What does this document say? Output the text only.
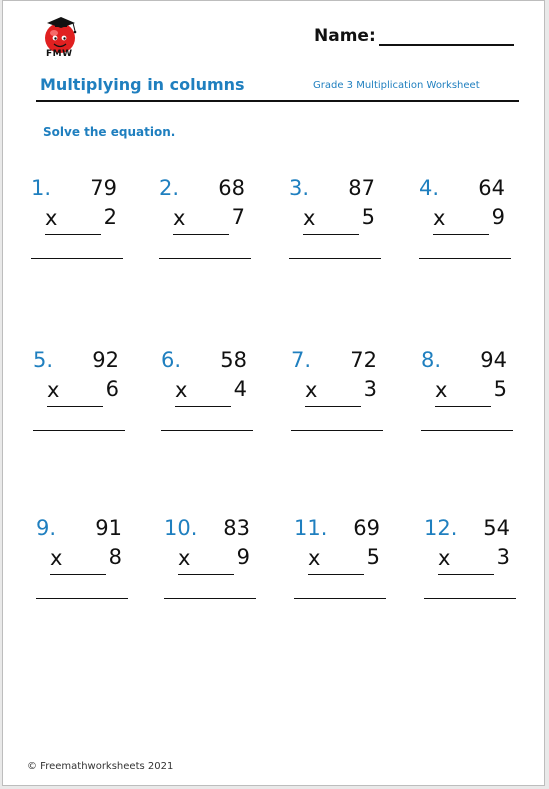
FMW
Name:
Multiplying in columns	Grade 3 Multiplication Worksheet
Solve the equation.
1. 79
x 2
2. 68
x 7
3. 87
x 5
4. 64
x 9
5. 92
x 6
6. 58
x 4
7. 72
x 3
8. 94
x 5
9. 91
x 8
10. 83
x 9
11. 69
x 5
12. 54
x 3
© Freemathworksheets 2021
